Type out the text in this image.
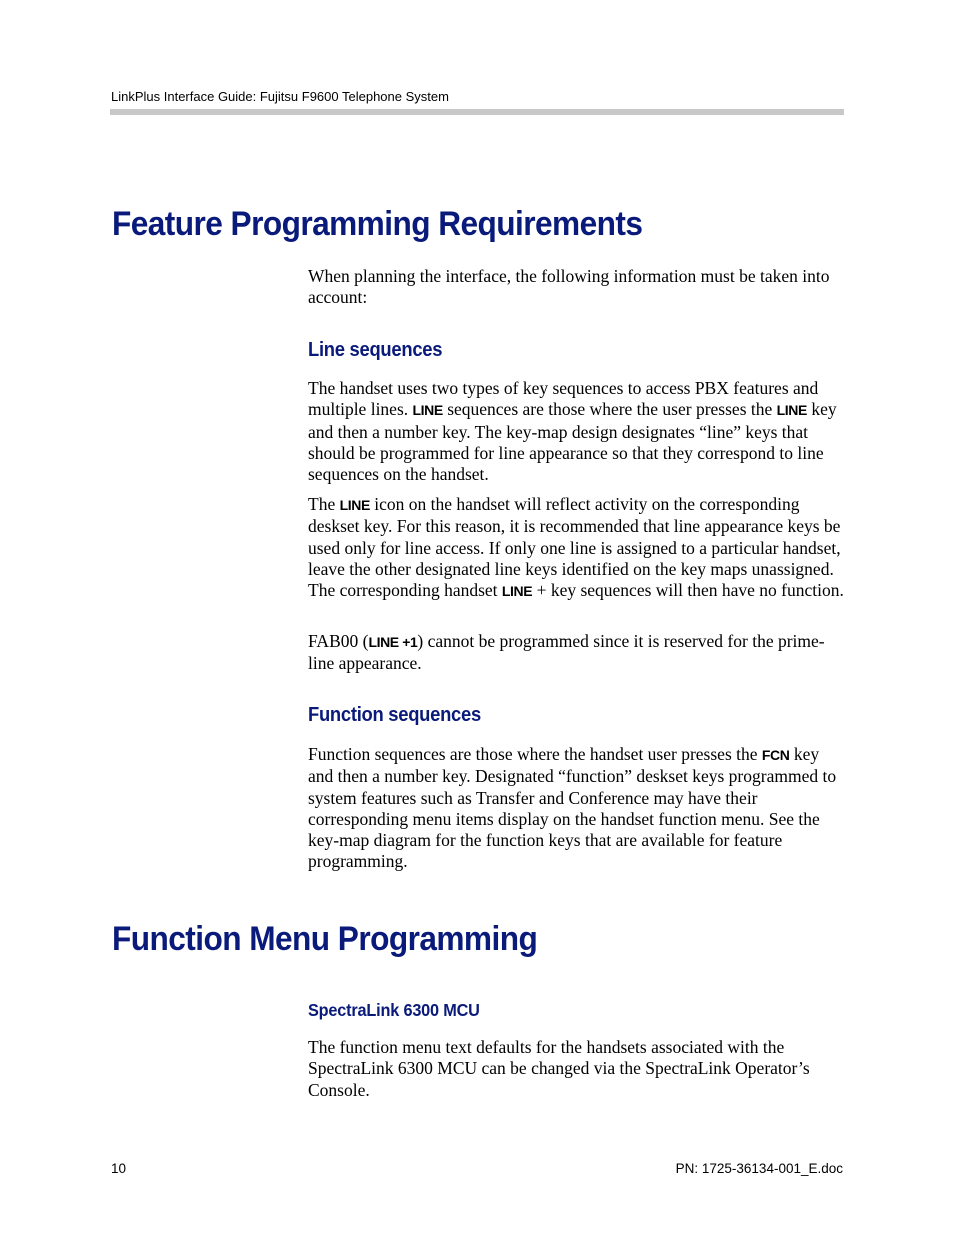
LinkPlus Interface Guide: Fujitsu F9600 Telephone System
Feature Programming Requirements
When planning the interface, the following information must be taken into account:
Line sequences
The handset uses two types of key sequences to access PBX features and multiple lines. LINE sequences are those where the user presses the LINE key and then a number key. The key-map design designates “line” keys that should be programmed for line appearance so that they correspond to line sequences on the handset.
The LINE icon on the handset will reflect activity on the corresponding deskset key. For this reason, it is recommended that line appearance keys be used only for line access. If only one line is assigned to a particular handset, leave the other designated line keys identified on the key maps unassigned. The corresponding handset LINE + key sequences will then have no function.
FAB00 (LINE +1) cannot be programmed since it is reserved for the prime-line appearance.
Function sequences
Function sequences are those where the handset user presses the FCN key and then a number key. Designated “function” deskset keys programmed to system features such as Transfer and Conference may have their corresponding menu items display on the handset function menu. See the key-map diagram for the function keys that are available for feature programming.
Function Menu Programming
SpectraLink 6300 MCU
The function menu text defaults for the handsets associated with the SpectraLink 6300 MCU can be changed via the SpectraLink Operator’s Console.
10	PN: 1725-36134-001_E.doc
